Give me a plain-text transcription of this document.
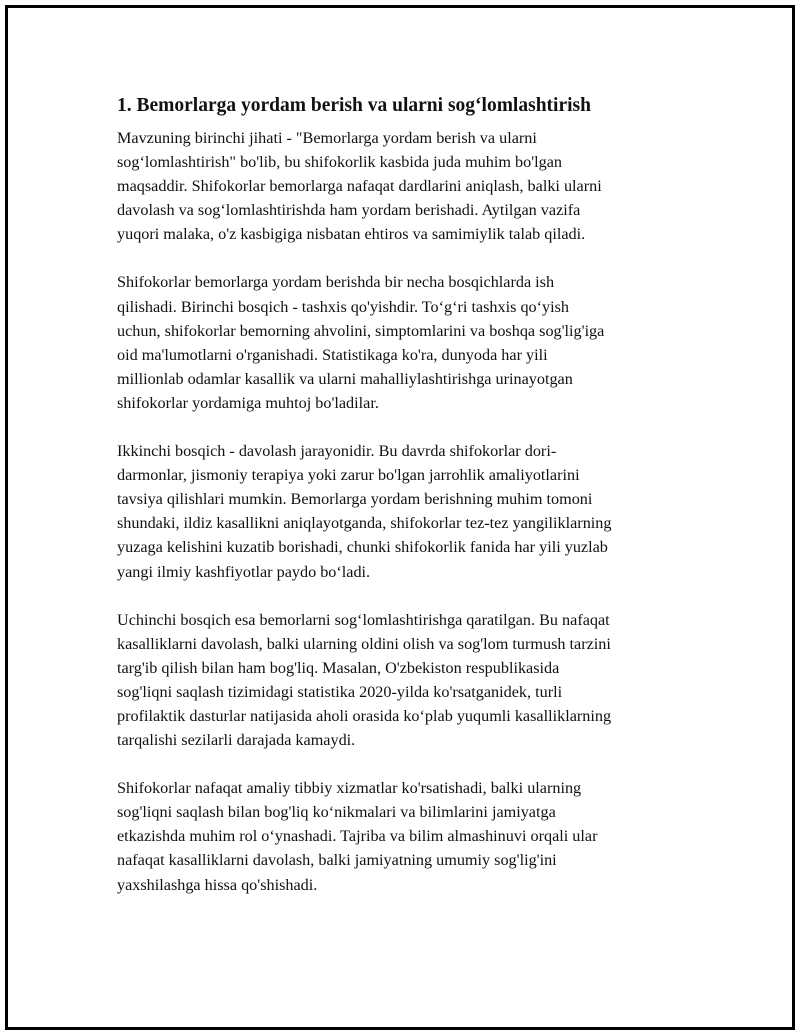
1. Bemorlarga yordam berish va ularni sog‘lomlashtirish

Mavzuning birinchi jihati - "Bemorlarga yordam berish va ularni
sog‘lomlashtirish" bo'lib, bu shifokorlik kasbida juda muhim bo'lgan
maqsaddir. Shifokorlar bemorlarga nafaqat dardlarini aniqlash, balki ularni
davolash va sog‘lomlashtirishda ham yordam berishadi. Aytilgan vazifa
yuqori malaka, o'z kasbigiga nisbatan ehtiros va samimiylik talab qiladi.

Shifokorlar bemorlarga yordam berishda bir necha bosqichlarda ish
qilishadi. Birinchi bosqich - tashxis qo'yishdir. To‘g‘ri tashxis qo‘yish
uchun, shifokorlar bemorning ahvolini, simptomlarini va boshqa sog'lig'iga
oid ma'lumotlarni o'rganishadi. Statistikaga ko'ra, dunyoda har yili
millionlab odamlar kasallik va ularni mahalliylashtirishga urinayotgan
shifokorlar yordamiga muhtoj bo'ladilar.

Ikkinchi bosqich - davolash jarayonidir. Bu davrda shifokorlar dori-
darmonlar, jismoniy terapiya yoki zarur bo'lgan jarrohlik amaliyotlarini
tavsiya qilishlari mumkin. Bemorlarga yordam berishning muhim tomoni
shundaki, ildiz kasallikni aniqlayotganda, shifokorlar tez-tez yangiliklarning
yuzaga kelishini kuzatib borishadi, chunki shifokorlik fanida har yili yuzlab
yangi ilmiy kashfiyotlar paydo bo‘ladi.

Uchinchi bosqich esa bemorlarni sog‘lomlashtirishga qaratilgan. Bu nafaqat
kasalliklarni davolash, balki ularning oldini olish va sog'lom turmush tarzini
targ'ib qilish bilan ham bog'liq. Masalan, O'zbekiston respublikasida
sog'liqni saqlash tizimidagi statistika 2020-yilda ko'rsatganidek, turli
profilaktik dasturlar natijasida aholi orasida ko‘plab yuqumli kasalliklarning
tarqalishi sezilarli darajada kamaydi.

Shifokorlar nafaqat amaliy tibbiy xizmatlar ko'rsatishadi, balki ularning
sog'liqni saqlash bilan bog'liq ko‘nikmalari va bilimlarini jamiyatga
etkazishda muhim rol o‘ynashadi. Tajriba va bilim almashinuvi orqali ular
nafaqat kasalliklarni davolash, balki jamiyatning umumiy sog'lig'ini
yaxshilashga hissa qo'shishadi.
